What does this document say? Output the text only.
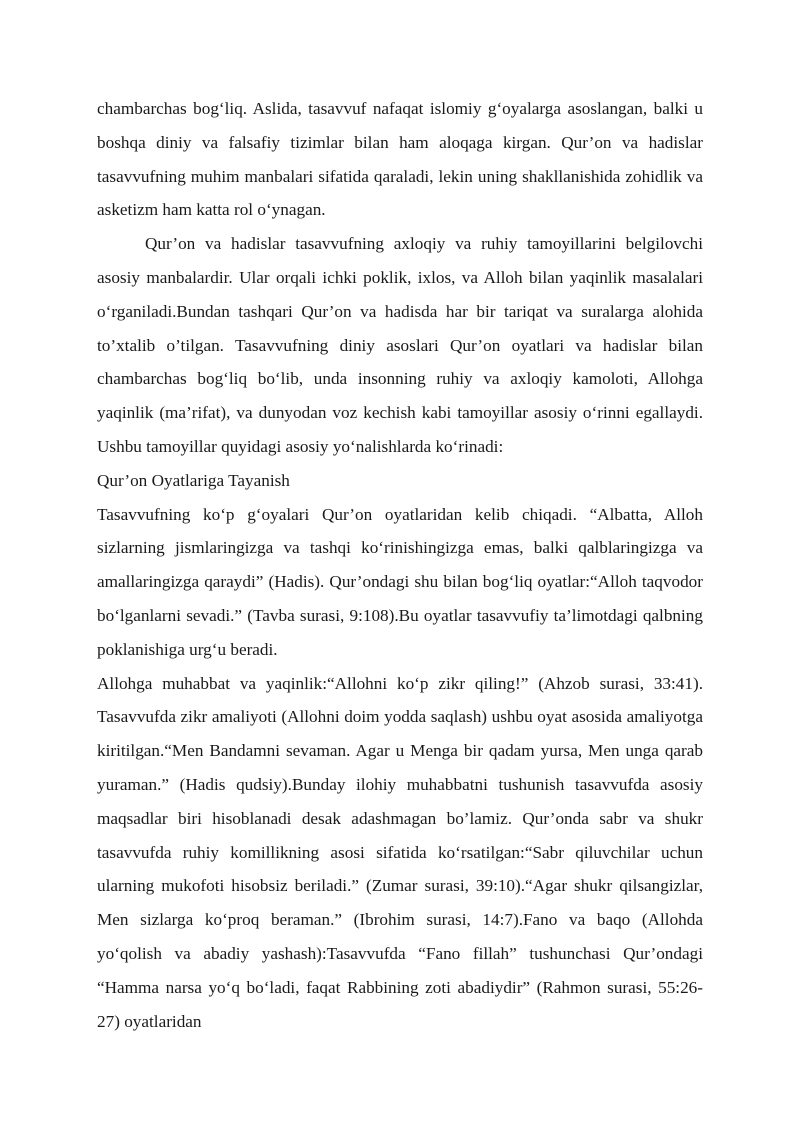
chambarchas bog‘liq. Aslida, tasavvuf nafaqat islomiy g‘oyalarga asoslangan, balki u boshqa diniy va falsafiy tizimlar bilan ham aloqaga kirgan. Qur’on va hadislar tasavvufning muhim manbalari sifatida qaraladi, lekin uning shakllanishida zohidlik va asketizm ham katta rol o‘ynagan.

Qur’on va hadislar tasavvufning axloqiy va ruhiy tamoyillarini belgilovchi asosiy manbalardir. Ular orqali ichki poklik, ixlos, va Alloh bilan yaqinlik masalalari o‘rganiladi.Bundan tashqari Qur’on va hadisda har bir tariqat va suralarga alohida to’xtalib o’tilgan. Tasavvufning diniy asoslari Qur’on oyatlari va hadislar bilan chambarchas bog‘liq bo‘lib, unda insonning ruhiy va axloqiy kamoloti, Allohga yaqinlik (ma’rifat), va dunyodan voz kechish kabi tamoyillar asosiy o‘rinni egallaydi. Ushbu tamoyillar quyidagi asosiy yo‘nalishlarda ko‘rinadi:

Qur’on Oyatlariga Tayanish

Tasavvufning ko‘p g‘oyalari Qur’on oyatlaridan kelib chiqadi. “Albatta, Alloh sizlarning jismlaringizga va tashqi ko‘rinishingizga emas, balki qalblaringizga va amallaringizga qaraydi” (Hadis). Qur’ondagi shu bilan bog‘liq oyatlar:“Alloh taqvodor bo‘lganlarni sevadi.” (Tavba surasi, 9:108).Bu oyatlar tasavvufiy ta’limotdagi qalbning poklanishiga urg‘u beradi.

Allohga muhabbat va yaqinlik:“Allohni ko‘p zikr qiling!” (Ahzob surasi, 33:41). Tasavvufda zikr amaliyoti (Allohni doim yodda saqlash) ushbu oyat asosida amaliyotga kiritilgan.“Men Bandamni sevaman. Agar u Menga bir qadam yursa, Men unga qarab yuraman.” (Hadis qudsiy).Bunday ilohiy muhabbatni tushunish tasavvufda asosiy maqsadlar biri hisoblanadi desak adashmagan bo’lamiz. Qur’onda sabr va shukr tasavvufda ruhiy komillikning asosi sifatida ko‘rsatilgan:“Sabr qiluvchilar uchun ularning mukofoti hisobsiz beriladi.” (Zumar surasi, 39:10).“Agar shukr qilsangizlar, Men sizlarga ko‘proq beraman.” (Ibrohim surasi, 14:7).Fano va baqo (Allohda yo‘qolish va abadiy yashash):Tasavvufda “Fano fillah” tushunchasi Qur’ondagi “Hamma narsa yo‘q bo‘ladi, faqat Rabbining zoti abadiydir” (Rahmon surasi, 55:26-27) oyatlaridan
